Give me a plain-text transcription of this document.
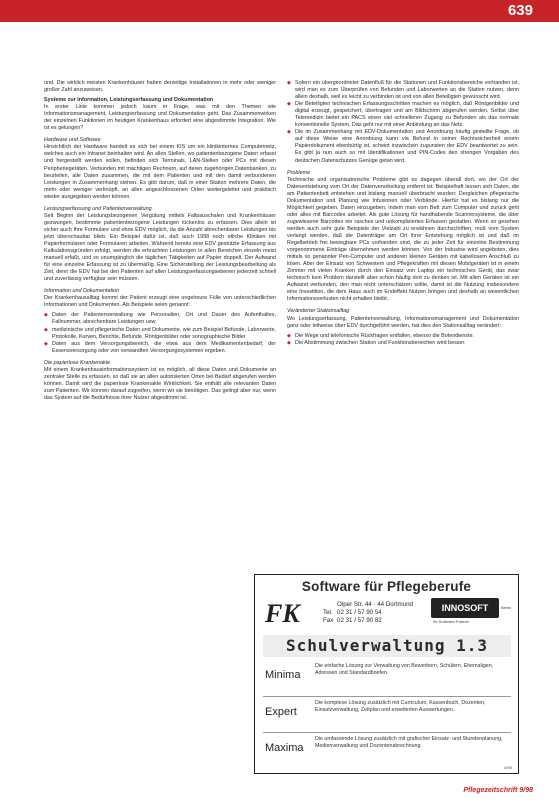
639
und. Die wirklich meisten Krankenhäuser haben derzeitige Installationen in mehr oder weniger großer Zahl anzuweisen.
Systeme zur Information, Leistungserfassung und Dokumentation
In erster Linie kommen jedoch kaum in Frage, was mit den Themen wie Informationsmanagement, Leistungserfassung und Dokumentation geht. Das Zusammenwirken der einzelnen Funktionen im heutigen Krankenhaus erfordert eine abgestimmte Integration. Wie ist es gelungen?
Hardware und Software
Hinsichtlich der Hardware handelt es sich bei einem KIS um ein klinikinternes Computernetz, welches auch ein Intranet beinhalten wird. An allen Stellen, wo patientenbezogene Daten erfasst und hergestellt werden sollen, befinden sich Terminals, LAN-Stellen oder PCs mit diesen Peripheriegeräten. Verbunden mit mächtigen Rechnern, auf deren zugehörigen Datenbanken, zu beurteilen, alle Daten zusammen, die mit dem Patienten und mit den damit verbundenen Leistungen in Zusammenhang stehen. Es gibt darum, daß in einer Station mehrere Daten, die mehr oder weniger verknüpft, an allen angeschlossenen Orten weitergeleitet und praktisch wieder ausgegeben werden können.
Leistungserfassung und Patientenverwaltung
Seit Beginn der Leistungsbezogenen Vergütung mittels Fallpauschalen und Krankenhäuser gezwungen, bestimmte patientenbezogene Leistungen lückenlos zu erfassen. Dies allein ist sicher auch Ihre Formulare und ohne EDV möglich, da die Anzahl abrechenbarer Leistungen bis jetzt überschaubar blieb. Ein Beispiel dafür ist, daß auch 1998 noch etliche Kliniken mit Papierformularen oder Formularen arbeiten. Während bereits eine EDV gestützte Erfassung aus Kalkulationsgründen erfolgt, werden die erbrachten Leistungen in allen Bereichen einzeln meist manuell erfaßt, und so unumgänglich die täglichen Tätigkeiten auf Papier doppelt. Der Aufwand für eine einzelne Erfassung ist zu übermäßig. Eine Sicherstellung der Leistungsbearbeitung als Zeit, denn die EDV hat bei den Patienten auf allen Leistungserfassungsebenen jederzeit schnell und zuverlässig verfügbar sein müssen.
Information und Dokumentation
Der Krankenhausalltag kommt der Patient erzeugt eine ungeheure Fülle von unterschiedlichen Informationen und Dokumenten. Als Beispiele seien genannt:
◆ Daten der Patientenverwaltung wie Personalien, Ort und Dauer des Aufenthaltes, Fallnummer, abrechenbare Leistungen usw.
◆ medizinische und pflegerische Daten und Dokumente, wie zum Beispiel Befunde, Laborwerte, Protokolle, Kurven, Berichte, Befunde, Röntgenbilder oder sonographische Bilder
◆ Daten aus dem Versorgungsbereich, die etwa aus dem Medikamentenbedarf, der Essensversorgung oder von verwandten Versorgungssystemen ergeben.
Die papierlose Krankenakte
Mit einem Krankenhausinformationssystem ist es möglich, all diese Daten und Dokumente an zentraler Stelle zu erfassen, so daß sie an allen autorisierten Orten bei Bedarf abgerufen werden können. Damit wird die papierlose Krankenakte Wirklichkeit. Sie enthält alle relevanten Daten zum Patienten. Wir können darauf zugreifen, wenn wir sie benötigen. Das gelingt aber nur, wenn das System auf die Bedürfnisse ihrer Nutzer abgestimmt ist.
◆ Sofern ein übergeordneter Datenfluß für die Stationen und Funktionsbereiche vorhanden ist, wird man es zum Überprüfen von Befunden und Laborwerten an die Station nutzen, denn allein deshalb, weil es leicht zu verbinden ist und von allen Beteiligten gewünscht wird.
◆ Die Beteiligten technischen Erfassungsschritten machen es möglich, daß Röntgenbilder und digital erzeugt, gespeichert, übertragen und am Bildschirm abgerufen werden. Selbst über Telemedizin bietet ein PACS einen viel schnelleren Zugang zu Befunden als das normale konventionelle System. Das geht nur mit einer Anbindung an das Netz.
◆ Die im Zusammenhang mit EDV-Dokumentation und Anordnung häufig gestellte Frage, ob auf diese Weise eine Anordnung kann via Befund in seiner Rechtssicherheit einem Papierdokument ebenbürtig ist, scheint inzwischen zugunsten der EDV beantwortet zu sein. Es gibt ja nun auch so mit Identifikationen und PIN-Codes den strengen Vorgaben des deutschen Datenschutzes Genüge getan wird.
Probleme
Technische und organisatorische Probleme gibt es dagegen überall dort, wo der Ort der Datenentstehung vom Ort der Datenverarbeitung entfernt ist. Beispielhaft lassen sich Daten, die am Patientenbett entstehen und bislang manuell überbracht wurden: Dergleichen pflegerische Dokumentation und Planung wie Infusionen oder Verbände. Hierfür hat es bislang nur die Möglichkeit gegeben, Daten einzugeben, indem man vom Bett zum Computer und zurück geht oder alles mit Barcodes arbeitet. Als gute Lösung für handhabende Scannersysteme, die über zugewiesene Barcodes ein rasches und unkompliziertes Erfassen gestatten. Wenn so gesehen werden auch sehr gute Beispiele der Vielzahl zu erwähnen durchschriften, muß vom System verlangt werden, daß die Datenträger am Ort ihrer Entstehung möglich ist und daß im Regelbetrieb frei bewegbare PCs vorhanden sind, die zu jeder Zeit für einzelne Bestimmung vorgenommene Einträge übernehmen werden können. Von der Industrie wird angeboten, dies mittels so genannter Pen-Computer und anderen kleinen Geräten mit kabellosem Anschluß zu lösen. Aber der Einsatz von Schwestern und Pflegekräften mit diesen Mobilgeräten ist in einem Zimmer mit vielen Kranken durch den Einsatz von Laptop ein technisches Gerät, das zwar technisch kein Problem darstellt aber schon häufig dort zu denken ist. Mit allen Geräten ist ein Aufwand verbunden, den man nicht unterschätzen sollte, damit ist die Nutzung insbesondere eine Investition, die dem Haus auch im Endeffekt Nutzen bringen und deshalb an wesentlichen Informationsverlusten nicht erhalten bleibt.
Veränderter Stationsalltag
Wo Leistungserfassung, Patientenverwaltung, Informationsmanagement und Dokumentation ganz oder teilweise über EDV durchgeführt werden, hat dies den Stationsalltag verändert:
◆ Die Wege und telefonische Rückfragen entfallen, ebenso die Botendienste.
◆ Die Abstimmung zwischen Station und Funktionsbereichen wird besser.
Software für Pflegeberufe
FK	Olper Str. 44 · 44 Dortmund
Tel. 02 31 / 57 90 54
Fax 02 31 / 57 90 82
INNOSOFT
Ihr Software-Partner
Berlin
Schulverwaltung 1.3
Minima
Die einfache Lösung zur Verwaltung von Bewerbern, Schülern, Ehemaligen, Adressen und Standardbriefen.
Expert
Die komplexe Lösung zusätzlich mit Curriculum, Kassenbuch, Dozenten, Einsatzverwaltung, Zeitplan und erweiterten Auswertungen.
Maxima
Die umfassende Lösung zusätzlich mit grafischer Einsatz- und Stundenplanung, Medienverwaltung und Dozentenabrechnung.
6/95
Pflegezeitschrift 9/98
